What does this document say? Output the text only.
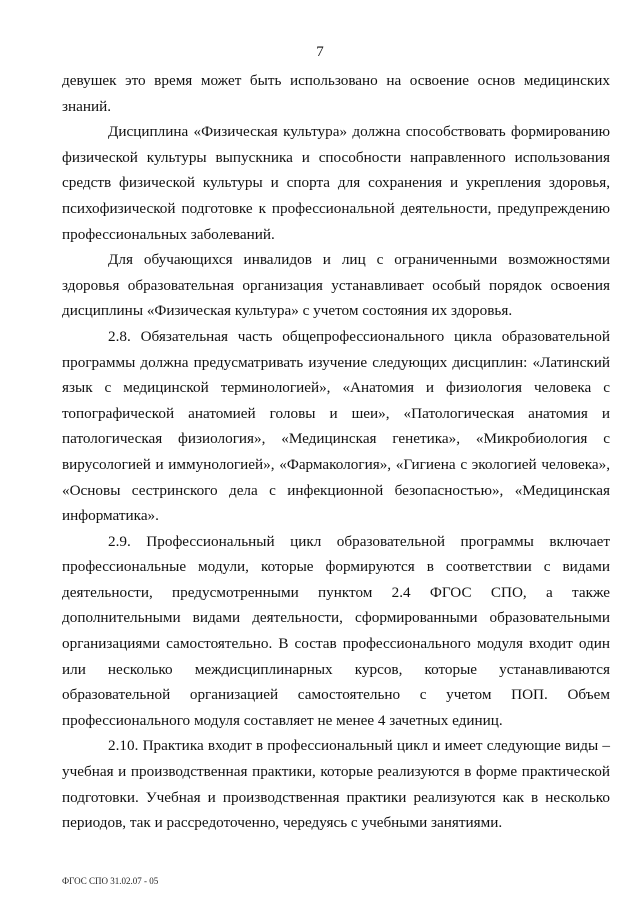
7

девушек это время может быть использовано на освоение основ медицинских знаний.

Дисциплина «Физическая культура» должна способствовать формированию физической культуры выпускника и способности направленного использования средств физической культуры и спорта для сохранения и укрепления здоровья, психофизической подготовке к профессиональной деятельности, предупреждению профессиональных заболеваний.

Для обучающихся инвалидов и лиц с ограниченными возможностями здоровья образовательная организация устанавливает особый порядок освоения дисциплины «Физическая культура» с учетом состояния их здоровья.

2.8. Обязательная часть общепрофессионального цикла образовательной программы должна предусматривать изучение следующих дисциплин: «Латинский язык с медицинской терминологией», «Анатомия и физиология человека с топографической анатомией головы и шеи», «Патологическая анатомия и патологическая физиология», «Медицинская генетика», «Микробиология с вирусологией и иммунологией», «Фармакология», «Гигиена с экологией человека», «Основы сестринского дела с инфекционной безопасностью», «Медицинская информатика».

2.9. Профессиональный цикл образовательной программы включает профессиональные модули, которые формируются в соответствии с видами деятельности, предусмотренными пунктом 2.4 ФГОС СПО, а также дополнительными видами деятельности, сформированными образовательными организациями самостоятельно. В состав профессионального модуля входит один или несколько междисциплинарных курсов, которые устанавливаются образовательной организацией самостоятельно с учетом ПОП. Объем профессионального модуля составляет не менее 4 зачетных единиц.

2.10. Практика входит в профессиональный цикл и имеет следующие виды – учебная и производственная практики, которые реализуются в форме практической подготовки. Учебная и производственная практики реализуются как в несколько периодов, так и рассредоточенно, чередуясь с учебными занятиями.

ФГОС СПО 31.02.07 - 05
